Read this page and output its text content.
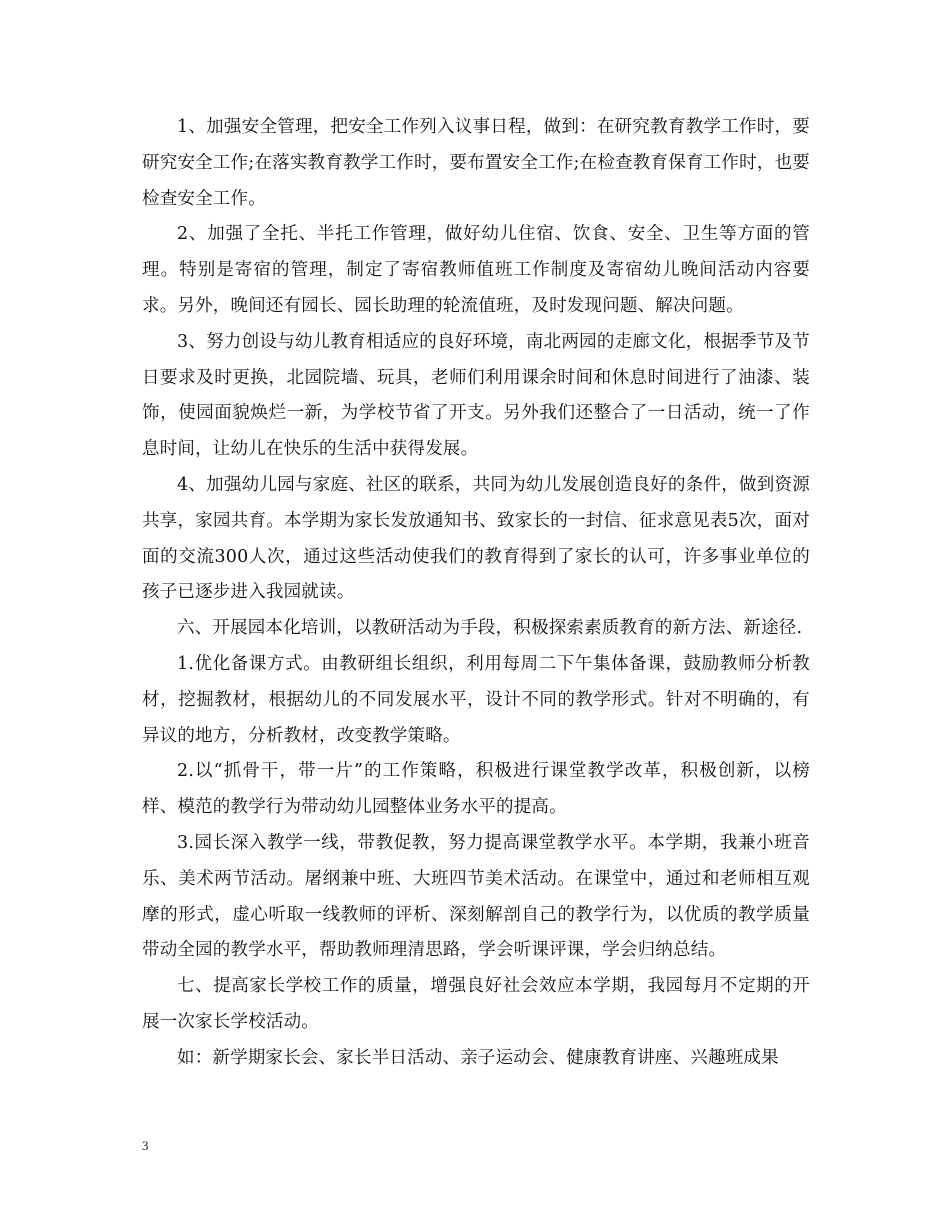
1、加强安全管理，把安全工作列入议事日程，做到：在研究教育教学工作时，要研究安全工作;在落实教育教学工作时，要布置安全工作;在检查教育保育工作时，也要检查安全工作。

2、加强了全托、半托工作管理，做好幼儿住宿、饮食、安全、卫生等方面的管理。特别是寄宿的管理，制定了寄宿教师值班工作制度及寄宿幼儿晚间活动内容要求。另外，晚间还有园长、园长助理的轮流值班，及时发现问题、解决问题。

3、努力创设与幼儿教育相适应的良好环境，南北两园的走廊文化，根据季节及节日要求及时更换，北园院墙、玩具，老师们利用课余时间和休息时间进行了油漆、装饰，使园面貌焕烂一新，为学校节省了开支。另外我们还整合了一日活动，统一了作息时间，让幼儿在快乐的生活中获得发展。

4、加强幼儿园与家庭、社区的联系，共同为幼儿发展创造良好的条件，做到资源共享，家园共育。本学期为家长发放通知书、致家长的一封信、征求意见表5次，面对面的交流300人次，通过这些活动使我们的教育得到了家长的认可，许多事业单位的孩子已逐步进入我园就读。

六、开展园本化培训，以教研活动为手段，积极探索素质教育的新方法、新途径.

1.优化备课方式。由教研组长组织，利用每周二下午集体备课，鼓励教师分析教材，挖掘教材，根据幼儿的不同发展水平，设计不同的教学形式。针对不明确的，有异议的地方，分析教材，改变教学策略。

2.以“抓骨干，带一片”的工作策略，积极进行课堂教学改革，积极创新，以榜样、模范的教学行为带动幼儿园整体业务水平的提高。

3.园长深入教学一线，带教促教，努力提高课堂教学水平。本学期，我兼小班音乐、美术两节活动。屠纲兼中班、大班四节美术活动。在课堂中，通过和老师相互观摩的形式，虚心听取一线教师的评析、深刻解剖自己的教学行为，以优质的教学质量带动全园的教学水平，帮助教师理清思路，学会听课评课，学会归纳总结。

七、提高家长学校工作的质量，增强良好社会效应本学期，我园每月不定期的开展一次家长学校活动。

如：新学期家长会、家长半日活动、亲子运动会、健康教育讲座、兴趣班成果

3
